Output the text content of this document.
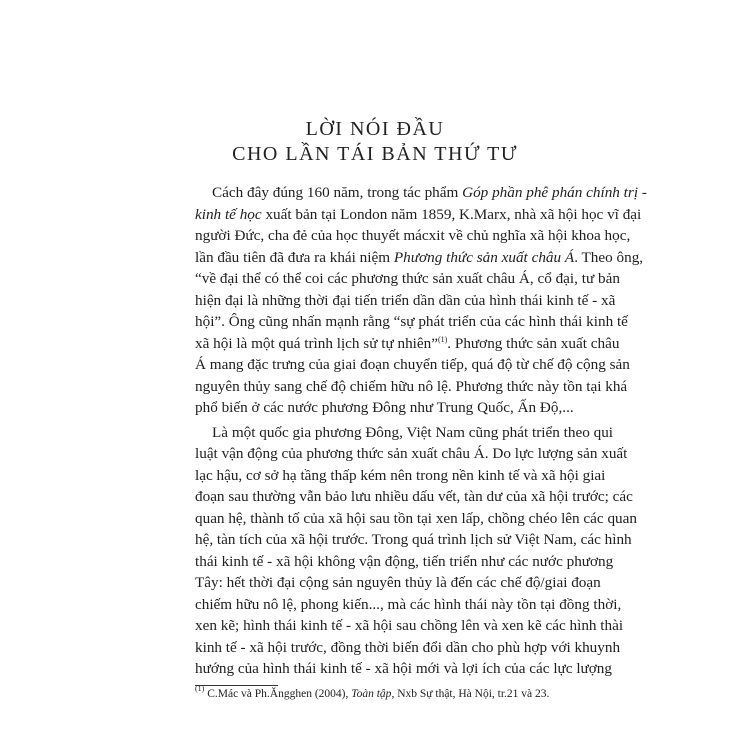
LỜI NÓI ĐẦU
CHO LẦN TÁI BẢN THỨ TƯ
Cách đây đúng 160 năm, trong tác phẩm Góp phần phê phán chính trị -
kinh tế học xuất bản tại London năm 1859, K.Marx, nhà xã hội học vĩ đại
người Đức, cha đẻ của học thuyết mácxit về chủ nghĩa xã hội khoa học,
lần đầu tiên đã đưa ra khái niệm Phương thức sản xuất châu Á. Theo ông,
“về đại thể có thể coi các phương thức sản xuất châu Á, cổ đại, tư bản
hiện đại là những thời đại tiến triển dần dần của hình thái kinh tế - xã
hội”. Ông cũng nhấn mạnh rằng “sự phát triển của các hình thái kinh tế
xã hội là một quá trình lịch sử tự nhiên”$^{(1)}$. Phương thức sản xuất châu
Á mang đặc trưng của giai đoạn chuyển tiếp, quá độ từ chế độ cộng sản
nguyên thủy sang chế độ chiếm hữu nô lệ. Phương thức này tồn tại khá
phổ biến ở các nước phương Đông như Trung Quốc, Ấn Độ,...
Là một quốc gia phương Đông, Việt Nam cũng phát triển theo qui
luật vận động của phương thức sản xuất châu Á. Do lực lượng sản xuất
lạc hậu, cơ sở hạ tầng thấp kém nên trong nền kinh tế và xã hội giai
đoạn sau thường vẫn bảo lưu nhiều dấu vết, tàn dư của xã hội trước; các
quan hệ, thành tố của xã hội sau tồn tại xen lấp, chồng chéo lên các quan
hệ, tàn tích của xã hội trước. Trong quá trình lịch sử Việt Nam, các hình
thái kinh tế - xã hội không vận động, tiến triển như các nước phương
Tây: hết thời đại cộng sản nguyên thủy là đến các chế độ/giai đoạn
chiếm hữu nô lệ, phong kiến..., mà các hình thái này tồn tại đồng thời,
xen kẽ; hình thái kinh tế - xã hội sau chồng lên và xen kẽ các hình thài
kinh tế - xã hội trước, đồng thời biến đổi dần cho phù hợp với khuynh
hướng của hình thái kinh tế - xã hội mới và lợi ích của các lực lượng
$^{(1)}$ C.Mác và Ph.Ăngghen (2004), Toàn tập, Nxb Sự thật, Hà Nội, tr.21 và 23.
